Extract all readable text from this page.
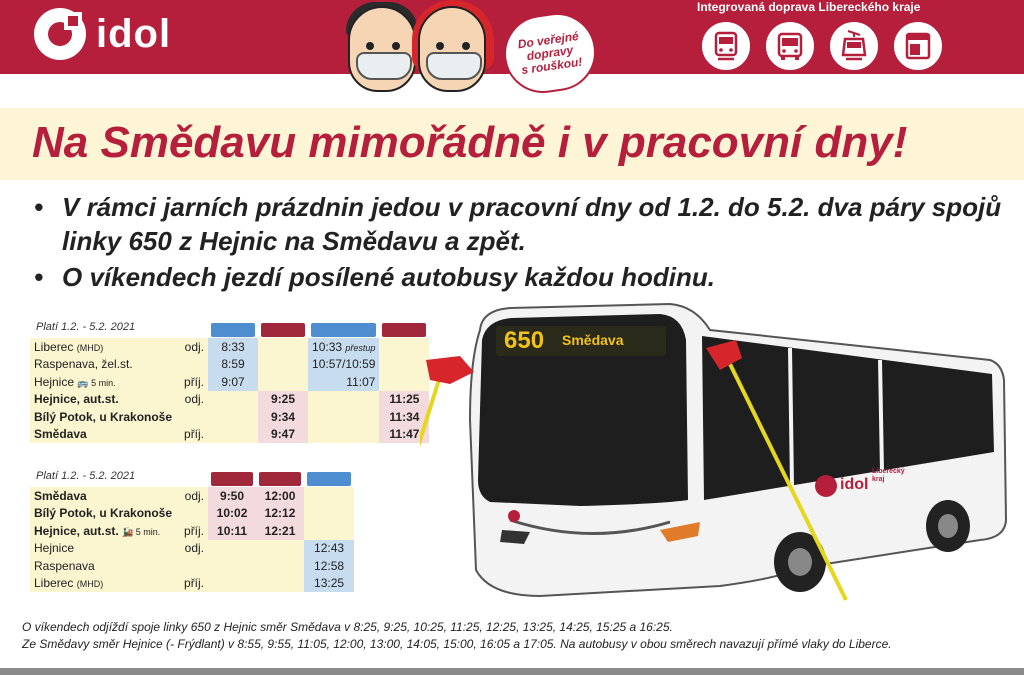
idol	Do veřejné
dopravy
s rouškou!
Integrovaná doprava Libereckého kraje
Na Smědavu mimořádně i v pracovní dny!
• V rámci jarních prázdnin jedou v pracovní dny od 1.2. do 5.2. dva páry spojů linky 650 z Hejnic na Smědavu a zpět.
• O víkendech jezdí posílené autobusy každou hodinu.
Platí 1.2. - 5.2. 2021

Liberec (MHD)	odj.	8:33		10:33 přestup	
Raspenava, žel.st.		8:59		10:57/10:59	
Hejnice 🚌 5 min.	příj.	9:07		11:07	
Hejnice, aut.st.	odj.		9:25		11:25
Bílý Potok, u Krakonoše			9:34		11:34
Smědava	příj.		9:47		11:47
Platí 1.2. - 5.2. 2021

Smědava	odj.	9:50	12:00	
Bílý Potok, u Krakonoše		10:02	12:12	
Hejnice, aut.st. 🚂 5 min.	příj.	10:11	12:21	
Hejnice	odj.			12:43
Raspenava				12:58
Liberec (MHD)	příj.			13:25
650 Smědava
idol
Liberecký kraj
O víkendech odjíždí spoje linky 650 z Hejnic směr Smědava v 8:25, 9:25, 10:25, 11:25, 12:25, 13:25, 14:25, 15:25 a 16:25.
Ze Smědavy směr Hejnice (- Frýdlant) v 8:55, 9:55, 11:05, 12:00, 13:00, 14:05, 15:00, 16:05 a 17:05. Na autobusy v obou směrech navazují přímé vlaky do Liberce.
